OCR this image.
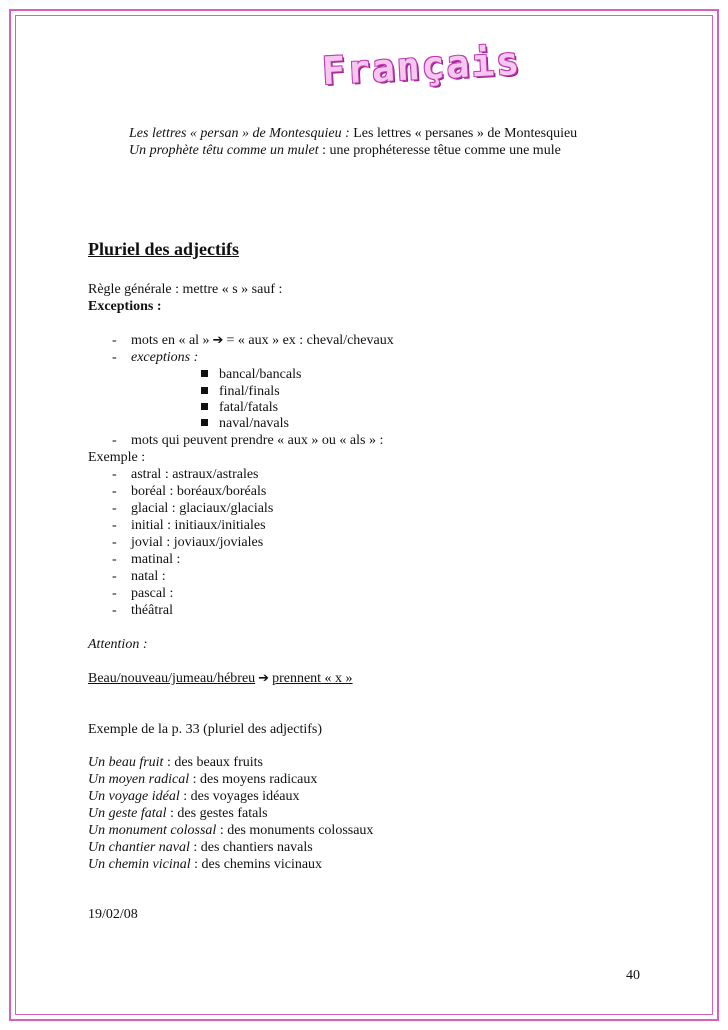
Français
Les lettres « persan » de Montesquieu : Les lettres « persanes » de Montesquieu
Un prophète têtu comme un mulet : une prophéteresse têtue comme une mule
Pluriel des adjectifs
Règle générale : mettre « s » sauf :
Exceptions :
- mots en « al » ➔ = « aux » ex : cheval/chevaux
- exceptions :
bancal/bancals
final/finals
fatal/fatals
naval/navals
- mots qui peuvent prendre « aux » ou « als » :
Exemple :
- astral : astraux/astrales
- boréal : boréaux/boréals
- glacial : glaciaux/glacials
- initial : initiaux/initiales
- jovial : joviaux/joviales
- matinal :
- natal :
- pascal :
- théâtral
Attention :
Beau/nouveau/jumeau/hébreu ➔ prennent « x »
Exemple de la p. 33 (pluriel des adjectifs)
Un beau fruit : des beaux fruits
Un moyen radical : des moyens radicaux
Un voyage idéal : des voyages idéaux
Un geste fatal : des gestes fatals
Un monument colossal : des monuments colossaux
Un chantier naval : des chantiers navals
Un chemin vicinal : des chemins vicinaux
19/02/08
40
